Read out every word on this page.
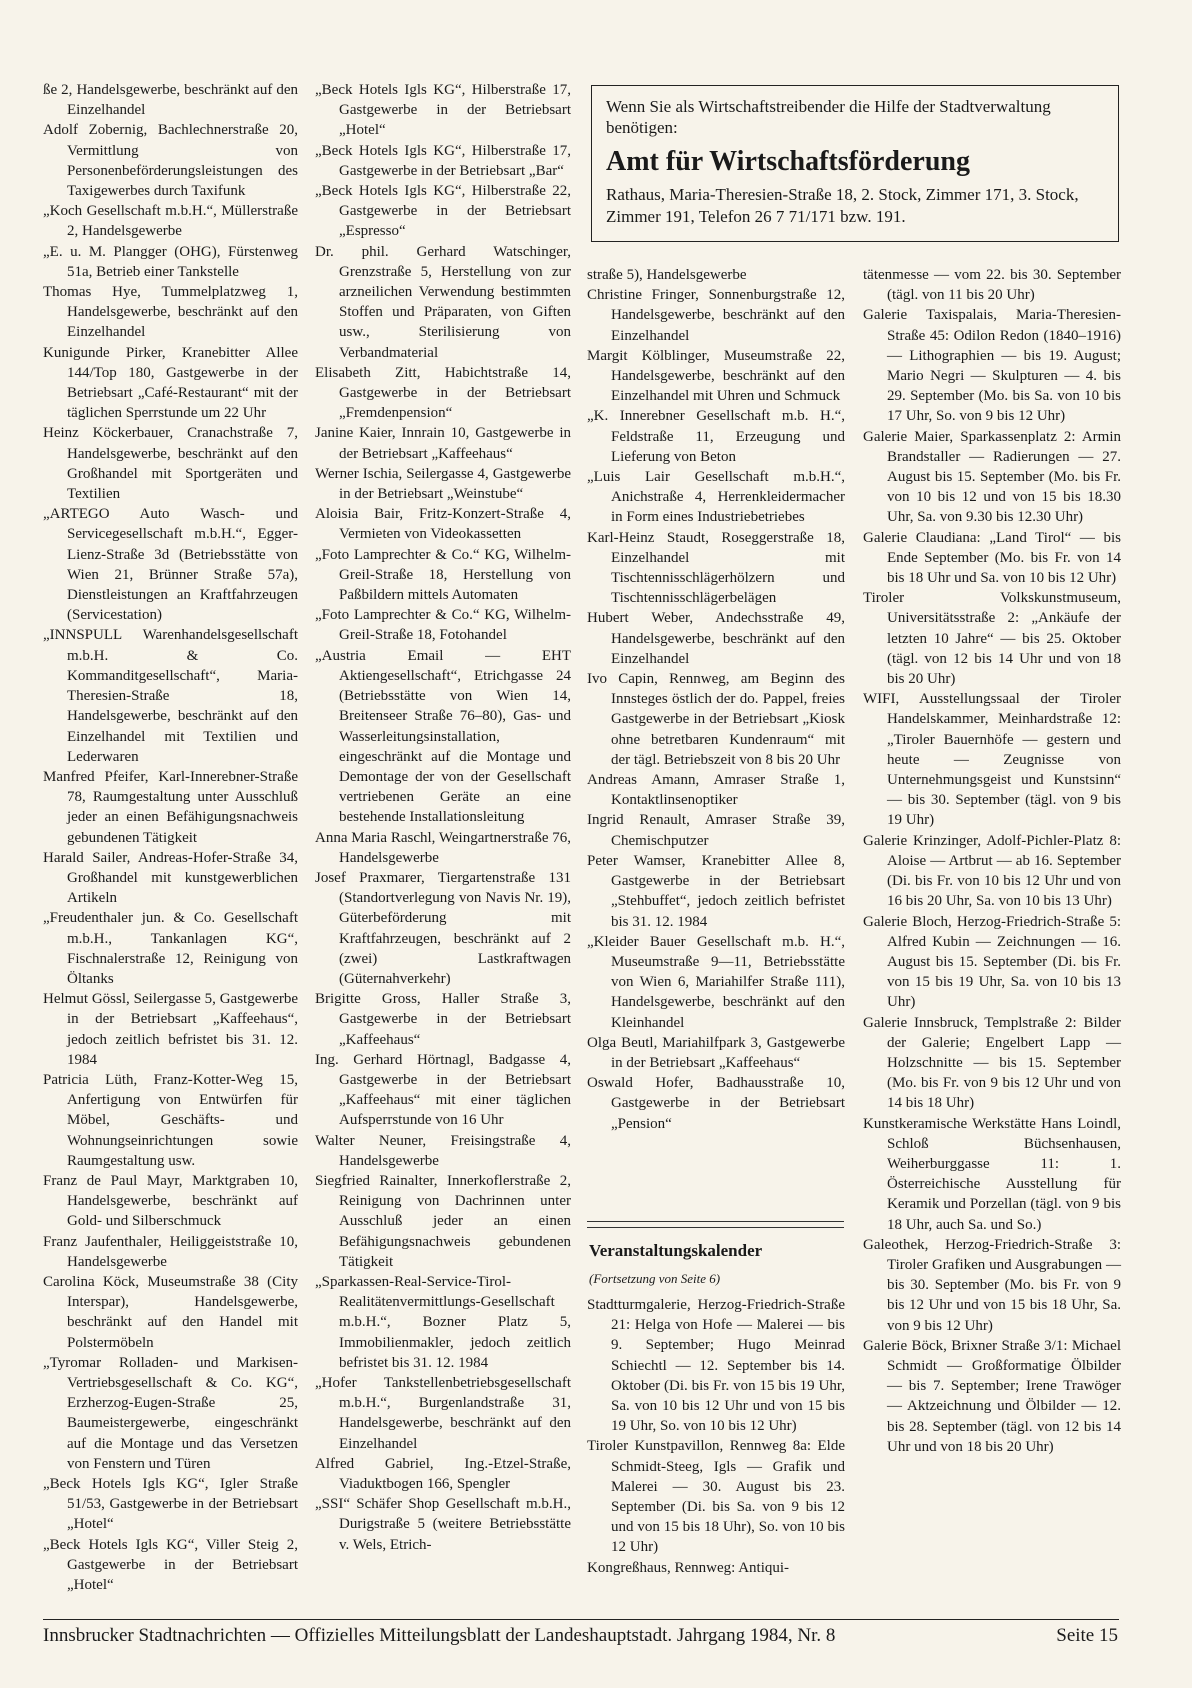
ße 2, Handelsgewerbe, beschränkt auf den Einzelhandel

Adolf Zobernig, Bachlechnerstraße 20, Vermittlung von Personenbeförderungsleistungen des Taxigewerbes durch Taxifunk

„Koch Gesellschaft m.b.H.“, Müllerstraße 2, Handelsgewerbe

„E. u. M. Plangger (OHG), Fürstenweg 51a, Betrieb einer Tankstelle

Thomas Hye, Tummelplatzweg 1, Handelsgewerbe, beschränkt auf den Einzelhandel

Kunigunde Pirker, Kranebitter Allee 144/Top 180, Gastgewerbe in der Betriebsart „Café-Restaurant“ mit der täglichen Sperrstunde um 22 Uhr

Heinz Köckerbauer, Cranachstraße 7, Handelsgewerbe, beschränkt auf den Großhandel mit Sportgeräten und Textilien

„ARTEGO Auto Wasch- und Servicegesellschaft m.b.H.“, Egger-Lienz-Straße 3d (Betriebsstätte von Wien 21, Brünner Straße 57a), Dienstleistungen an Kraftfahrzeugen (Servicestation)

„INNSPULL Warenhandelsgesellschaft m.b.H. & Co. Kommanditgesellschaft“, Maria-Theresien-Straße 18, Handelsgewerbe, beschränkt auf den Einzelhandel mit Textilien und Lederwaren

Manfred Pfeifer, Karl-Innerebner-Straße 78, Raumgestaltung unter Ausschluß jeder an einen Befähigungsnachweis gebundenen Tätigkeit

Harald Sailer, Andreas-Hofer-Straße 34, Großhandel mit kunstgewerblichen Artikeln

„Freudenthaler jun. & Co. Gesellschaft m.b.H., Tankanlagen KG“, Fischnalerstraße 12, Reinigung von Öltanks

Helmut Gössl, Seilergasse 5, Gastgewerbe in der Betriebsart „Kaffeehaus“, jedoch zeitlich befristet bis 31. 12. 1984

Patricia Lüth, Franz-Kotter-Weg 15, Anfertigung von Entwürfen für Möbel, Geschäfts- und Wohnungseinrichtungen sowie Raumgestaltung usw.

Franz de Paul Mayr, Marktgraben 10, Handelsgewerbe, beschränkt auf Gold- und Silberschmuck

Franz Jaufenthaler, Heiliggeiststraße 10, Handelsgewerbe

Carolina Köck, Museumstraße 38 (City Interspar), Handelsgewerbe, beschränkt auf den Handel mit Polstermöbeln

„Tyromar Rolladen- und Markisen-Vertriebsgesellschaft & Co. KG“, Erzherzog-Eugen-Straße 25, Baumeistergewerbe, eingeschränkt auf die Montage und das Versetzen von Fenstern und Türen

„Beck Hotels Igls KG“, Igler Straße 51/53, Gastgewerbe in der Betriebsart „Hotel“

„Beck Hotels Igls KG“, Viller Steig 2, Gastgewerbe in der Betriebsart „Hotel“

„Beck Hotels Igls KG“, Hilberstraße 17, Gastgewerbe in der Betriebsart „Hotel“

„Beck Hotels Igls KG“, Hilberstraße 17, Gastgewerbe in der Betriebsart „Bar“

„Beck Hotels Igls KG“, Hilberstraße 22, Gastgewerbe in der Betriebsart „Espresso“

Dr. phil. Gerhard Watschinger, Grenzstraße 5, Herstellung von zur arzneilichen Verwendung bestimmten Stoffen und Präparaten, von Giften usw., Sterilisierung von Verbandmaterial

Elisabeth Zitt, Habichtstraße 14, Gastgewerbe in der Betriebsart „Fremdenpension“

Janine Kaier, Innrain 10, Gastgewerbe in der Betriebsart „Kaffeehaus“

Werner Ischia, Seilergasse 4, Gastgewerbe in der Betriebsart „Weinstube“

Aloisia Bair, Fritz-Konzert-Straße 4, Vermieten von Videokassetten

„Foto Lamprechter & Co.“ KG, Wilhelm-Greil-Straße 18, Herstellung von Paßbildern mittels Automaten

„Foto Lamprechter & Co.“ KG, Wilhelm-Greil-Straße 18, Fotohandel

„Austria Email — EHT Aktiengesellschaft“, Etrichgasse 24 (Betriebsstätte von Wien 14, Breitenseer Straße 76–80), Gas- und Wasserleitungsinstallation, eingeschränkt auf die Montage und Demontage der von der Gesellschaft vertriebenen Geräte an eine bestehende Installationsleitung

Anna Maria Raschl, Weingartnerstraße 76, Handelsgewerbe

Josef Praxmarer, Tiergartenstraße 131 (Standortverlegung von Navis Nr. 19), Güterbeförderung mit Kraftfahrzeugen, beschränkt auf 2 (zwei) Lastkraftwagen (Güternahverkehr)

Brigitte Gross, Haller Straße 3, Gastgewerbe in der Betriebsart „Kaffeehaus“

Ing. Gerhard Hörtnagl, Badgasse 4, Gastgewerbe in der Betriebsart „Kaffeehaus“ mit einer täglichen Aufsperrstunde von 16 Uhr

Walter Neuner, Freisingstraße 4, Handelsgewerbe

Siegfried Rainalter, Innerkoflerstraße 2, Reinigung von Dachrinnen unter Ausschluß jeder an einen Befähigungsnachweis gebundenen Tätigkeit

„Sparkassen-Real-Service-Tirol-Realitätenvermittlungs-Gesellschaft m.b.H.“, Bozner Platz 5, Immobilienmakler, jedoch zeitlich befristet bis 31. 12. 1984

„Hofer Tankstellenbetriebsgesellschaft m.b.H.“, Burgenlandstraße 31, Handelsgewerbe, beschränkt auf den Einzelhandel

Alfred Gabriel, Ing.-Etzel-Straße, Viaduktbogen 166, Spengler

„SSI“ Schäfer Shop Gesellschaft m.b.H., Durigstraße 5 (weitere Betriebsstätte v. Wels, Etrich-

Wenn Sie als Wirtschaftstreibender die Hilfe der Stadtverwaltung benötigen:

Amt für Wirtschaftsförderung

Rathaus, Maria-Theresien-Straße 18, 2. Stock, Zimmer 171, 3. Stock, Zimmer 191, Telefon 26 7 71/171 bzw. 191.

straße 5), Handelsgewerbe

Christine Fringer, Sonnenburgstraße 12, Handelsgewerbe, beschränkt auf den Einzelhandel

Margit Kölblinger, Museumstraße 22, Handelsgewerbe, beschränkt auf den Einzelhandel mit Uhren und Schmuck

„K. Innerebner Gesellschaft m.b. H.“, Feldstraße 11, Erzeugung und Lieferung von Beton

„Luis Lair Gesellschaft m.b.H.“, Anichstraße 4, Herrenkleidermacher in Form eines Industriebetriebes

Karl-Heinz Staudt, Roseggerstraße 18, Einzelhandel mit Tischtennisschlägerhölzern und Tischtennisschlägerbelägen

Hubert Weber, Andechsstraße 49, Handelsgewerbe, beschränkt auf den Einzelhandel

Ivo Capin, Rennweg, am Beginn des Innsteges östlich der do. Pappel, freies Gastgewerbe in der Betriebsart „Kiosk ohne betretbaren Kundenraum“ mit der tägl. Betriebszeit von 8 bis 20 Uhr

Andreas Amann, Amraser Straße 1, Kontaktlinsenoptiker

Ingrid Renault, Amraser Straße 39, Chemischputzer

Peter Wamser, Kranebitter Allee 8, Gastgewerbe in der Betriebsart „Stehbuffet“, jedoch zeitlich befristet bis 31. 12. 1984

„Kleider Bauer Gesellschaft m.b. H.“, Museumstraße 9—11, Betriebsstätte von Wien 6, Mariahilfer Straße 111), Handelsgewerbe, beschränkt auf den Kleinhandel

Olga Beutl, Mariahilfpark 3, Gastgewerbe in der Betriebsart „Kaffeehaus“

Oswald Hofer, Badhausstraße 10, Gastgewerbe in der Betriebsart „Pension“

Veranstaltungskalender

(Fortsetzung von Seite 6)

Stadtturmgalerie, Herzog-Friedrich-Straße 21: Helga von Hofe — Malerei — bis 9. September; Hugo Meinrad Schiechtl — 12. September bis 14. Oktober (Di. bis Fr. von 15 bis 19 Uhr, Sa. von 10 bis 12 Uhr und von 15 bis 19 Uhr, So. von 10 bis 12 Uhr)

Tiroler Kunstpavillon, Rennweg 8a: Elde Schmidt-Steeg, Igls — Grafik und Malerei — 30. August bis 23. September (Di. bis Sa. von 9 bis 12 und von 15 bis 18 Uhr), So. von 10 bis 12 Uhr)

Kongreßhaus, Rennweg: Antiqui-

tätenmesse — vom 22. bis 30. September (tägl. von 11 bis 20 Uhr)

Galerie Taxispalais, Maria-Theresien-Straße 45: Odilon Redon (1840–1916) — Lithographien — bis 19. August; Mario Negri — Skulpturen — 4. bis 29. September (Mo. bis Sa. von 10 bis 17 Uhr, So. von 9 bis 12 Uhr)

Galerie Maier, Sparkassenplatz 2: Armin Brandstaller — Radierungen — 27. August bis 15. September (Mo. bis Fr. von 10 bis 12 und von 15 bis 18.30 Uhr, Sa. von 9.30 bis 12.30 Uhr)

Galerie Claudiana: „Land Tirol“ — bis Ende September (Mo. bis Fr. von 14 bis 18 Uhr und Sa. von 10 bis 12 Uhr)

Tiroler Volkskunstmuseum, Universitätsstraße 2: „Ankäufe der letzten 10 Jahre“ — bis 25. Oktober (tägl. von 12 bis 14 Uhr und von 18 bis 20 Uhr)

WIFI, Ausstellungssaal der Tiroler Handelskammer, Meinhardstraße 12: „Tiroler Bauernhöfe — gestern und heute — Zeugnisse von Unternehmungsgeist und Kunstsinn“ — bis 30. September (tägl. von 9 bis 19 Uhr)

Galerie Krinzinger, Adolf-Pichler-Platz 8: Aloise — Artbrut — ab 16. September (Di. bis Fr. von 10 bis 12 Uhr und von 16 bis 20 Uhr, Sa. von 10 bis 13 Uhr)

Galerie Bloch, Herzog-Friedrich-Straße 5: Alfred Kubin — Zeichnungen — 16. August bis 15. September (Di. bis Fr. von 15 bis 19 Uhr, Sa. von 10 bis 13 Uhr)

Galerie Innsbruck, Templstraße 2: Bilder der Galerie; Engelbert Lapp — Holzschnitte — bis 15. September (Mo. bis Fr. von 9 bis 12 Uhr und von 14 bis 18 Uhr)

Kunstkeramische Werkstätte Hans Loindl, Schloß Büchsenhausen, Weiherburggasse 11: 1. Österreichische Ausstellung für Keramik und Porzellan (tägl. von 9 bis 18 Uhr, auch Sa. und So.)

Galeothek, Herzog-Friedrich-Straße 3: Tiroler Grafiken und Ausgrabungen — bis 30. September (Mo. bis Fr. von 9 bis 12 Uhr und von 15 bis 18 Uhr, Sa. von 9 bis 12 Uhr)

Galerie Böck, Brixner Straße 3/1: Michael Schmidt — Großformatige Ölbilder — bis 7. September; Irene Trawöger — Aktzeichnung und Ölbilder — 12. bis 28. September (tägl. von 12 bis 14 Uhr und von 18 bis 20 Uhr)

Innsbrucker Stadtnachrichten — Offizielles Mitteilungsblatt der Landeshauptstadt. Jahrgang 1984, Nr. 8	Seite 15
